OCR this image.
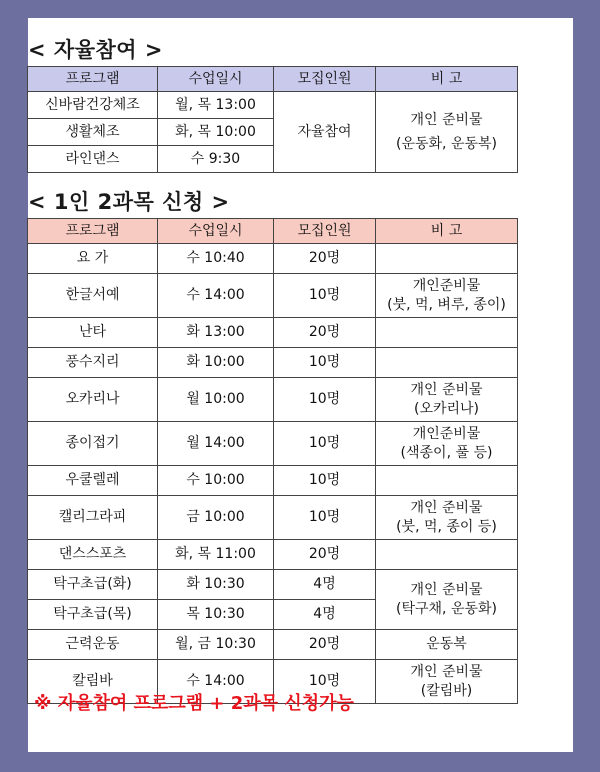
< 자율참여 >
프로그램	수업일시	모집인원	비 고
신바람건강체조	월, 목 13:00	자율참여	개인 준비물
(운동화, 운동복)

생활체조	화, 목 10:00		
라인댄스	수 9:30		
< 1인 2과목 신청 >
프로그램	수업일시	모집인원	비 고
요 가	수 10:40	20명	
한글서예	수 14:00	10명	개인준비물
(붓, 먹, 벼루, 종이)

난타	화 13:00	20명	
풍수지리	화 10:00	10명	
오카리나	월 10:00	10명	개인 준비물
(오카리나)

종이접기	월 14:00	10명	개인준비물
(색종이, 풀 등)

우쿨렐레	수 10:00	10명	
캘리그라피	금 10:00	10명	개인 준비물
(붓, 먹, 종이 등)

댄스스포츠	화, 목 11:00	20명	
탁구초급(화)	화 10:30	4명	개인 준비물
(탁구채, 운동화)

탁구초급(목)	목 10:30	4명	
근력운동	월, 금 10:30	20명	운동복
칼림바	수 14:00	10명	개인 준비물
(칼림바)
※ 자율참여 프로그램 + 2과목 신청가능
